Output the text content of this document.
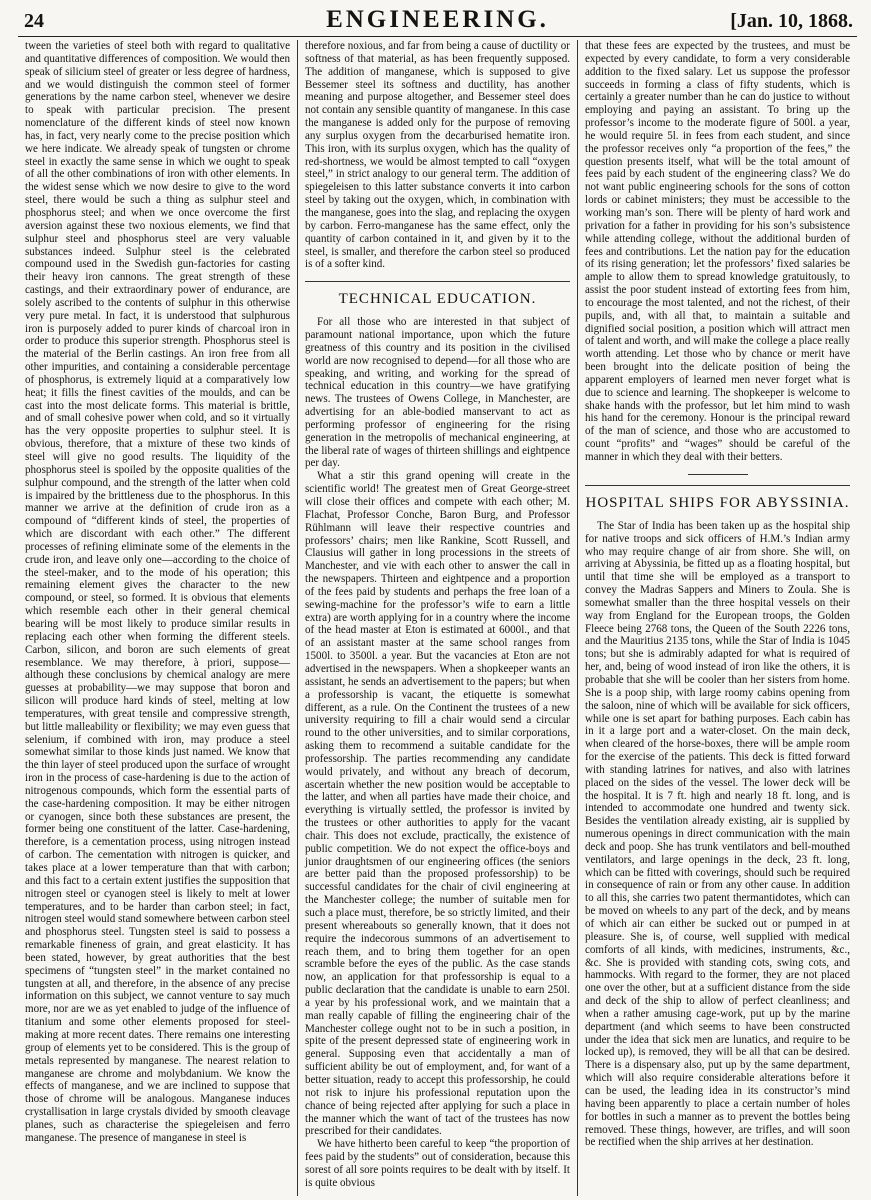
24	ENGINEERING.	[Jan. 10, 1868.

tween the varieties of steel both with regard to qualitative and quantitative differences of composition. We would then speak of silicium steel of greater or less degree of hardness, and we would distinguish the common steel of former generations by the name carbon steel, whenever we desire to speak with particular precision. The present nomenclature of the different kinds of steel now known has, in fact, very nearly come to the precise position which we here indicate. We already speak of tungsten or chrome steel in exactly the same sense in which we ought to speak of all the other combinations of iron with other elements. In the widest sense which we now desire to give to the word steel, there would be such a thing as sulphur steel and phosphorus steel; and when we once overcome the first aversion against these two noxious elements, we find that sulphur steel and phosphorus steel are very valuable substances indeed. Sulphur steel is the celebrated compound used in the Swedish gun-factories for casting their heavy iron cannons. The great strength of these castings, and their extraordinary power of endurance, are solely ascribed to the contents of sulphur in this otherwise very pure metal. In fact, it is understood that sulphurous iron is purposely added to purer kinds of charcoal iron in order to produce this superior strength. Phosphorus steel is the material of the Berlin castings. An iron free from all other impurities, and containing a considerable percentage of phosphorus, is extremely liquid at a comparatively low heat; it fills the finest cavities of the moulds, and can be cast into the most delicate forms. This material is brittle, and of small cohesive power when cold, and so it virtually has the very opposite properties to sulphur steel. It is obvious, therefore, that a mixture of these two kinds of steel will give no good results. The liquidity of the phosphorus steel is spoiled by the opposite qualities of the sulphur compound, and the strength of the latter when cold is impaired by the brittleness due to the phosphorus. In this manner we arrive at the definition of crude iron as a compound of “different kinds of steel, the properties of which are discordant with each other.” The different processes of refining eliminate some of the elements in the crude iron, and leave only one—according to the choice of the steel-maker, and to the mode of his operation; this remaining element gives the character to the new compound, or steel, so formed. It is obvious that elements which resemble each other in their general chemical bearing will be most likely to produce similar results in replacing each other when forming the different steels. Carbon, silicon, and boron are such elements of great resemblance. We may therefore, à priori, suppose—although these conclusions by chemical analogy are mere guesses at probability—we may suppose that boron and silicon will produce hard kinds of steel, melting at low temperatures, with great tensile and compressive strength, but little malleability or flexibility; we may even guess that selenium, if combined with iron, may produce a steel somewhat similar to those kinds just named. We know that the thin layer of steel produced upon the surface of wrought iron in the process of case-hardening is due to the action of nitrogenous compounds, which form the essential parts of the case-hardening composition. It may be either nitrogen or cyanogen, since both these substances are present, the former being one constituent of the latter. Case-hardening, therefore, is a cementation process, using nitrogen instead of carbon. The cementation with nitrogen is quicker, and takes place at a lower temperature than that with carbon; and this fact to a certain extent justifies the supposition that nitrogen steel or cyanogen steel is likely to melt at lower temperatures, and to be harder than carbon steel; in fact, nitrogen steel would stand somewhere between carbon steel and phosphorus steel. Tungsten steel is said to possess a remarkable fineness of grain, and great elasticity. It has been stated, however, by great authorities that the best specimens of “tungsten steel” in the market contained no tungsten at all, and therefore, in the absence of any precise information on this subject, we cannot venture to say much more, nor are we as yet enabled to judge of the influence of titanium and some other elements proposed for steel-making at more recent dates. There remains one interesting group of elements yet to be considered. This is the group of metals represented by manganese. The nearest relation to manganese are chrome and molybdanium. We know the effects of manganese, and we are inclined to suppose that those of chrome will be analogous. Manganese induces crystallisation in large crystals divided by smooth cleavage planes, such as characterise the spiegeleisen and ferro manganese. The presence of manganese in steel is

therefore noxious, and far from being a cause of ductility or softness of that material, as has been frequently supposed. The addition of manganese, which is supposed to give Bessemer steel its softness and ductility, has another meaning and purpose altogether, and Bessemer steel does not contain any sensible quantity of manganese. In this case the manganese is added only for the purpose of removing any surplus oxygen from the decarburised hematite iron. This iron, with its surplus oxygen, which has the quality of red-shortness, we would be almost tempted to call “oxygen steel,” in strict analogy to our general term. The addition of spiegeleisen to this latter substance converts it into carbon steel by taking out the oxygen, which, in combination with the manganese, goes into the slag, and replacing the oxygen by carbon. Ferro-manganese has the same effect, only the quantity of carbon contained in it, and given by it to the steel, is smaller, and therefore the carbon steel so produced is of a softer kind.

TECHNICAL EDUCATION.

For all those who are interested in that subject of paramount national importance, upon which the future greatness of this country and its position in the civilised world are now recognised to depend—for all those who are speaking, and writing, and working for the spread of technical education in this country—we have gratifying news. The trustees of Owens College, in Manchester, are advertising for an able-bodied manservant to act as performing professor of engineering for the rising generation in the metropolis of mechanical engineering, at the liberal rate of wages of thirteen shillings and eightpence per day.

What a stir this grand opening will create in the scientific world! The greatest men of Great George-street will close their offices and compete with each other; M. Flachat, Professor Conche, Baron Burg, and Professor Rühlmann will leave their respective countries and professors’ chairs; men like Rankine, Scott Russell, and Clausius will gather in long processions in the streets of Manchester, and vie with each other to answer the call in the newspapers. Thirteen and eightpence and a proportion of the fees paid by students and perhaps the free loan of a sewing-machine for the professor’s wife to earn a little extra) are worth applying for in a country where the income of the head master at Eton is estimated at 6000l., and that of an assistant master at the same school ranges from 1500l. to 3500l. a year. But the vacancies at Eton are not advertised in the newspapers. When a shopkeeper wants an assistant, he sends an advertisement to the papers; but when a professorship is vacant, the etiquette is somewhat different, as a rule. On the Continent the trustees of a new university requiring to fill a chair would send a circular round to the other universities, and to similar corporations, asking them to recommend a suitable candidate for the professorship. The parties recommending any candidate would privately, and without any breach of decorum, ascertain whether the new position would be acceptable to the latter, and when all parties have made their choice, and everything is virtually settled, the professor is invited by the trustees or other authorities to apply for the vacant chair. This does not exclude, practically, the existence of public competition. We do not expect the office-boys and junior draughtsmen of our engineering offices (the seniors are better paid than the proposed professorship) to be successful candidates for the chair of civil engineering at the Manchester college; the number of suitable men for such a place must, therefore, be so strictly limited, and their present whereabouts so generally known, that it does not require the indecorous summons of an advertisement to reach them, and to bring them together for an open scramble before the eyes of the public. As the case stands now, an application for that professorship is equal to a public declaration that the candidate is unable to earn 250l. a year by his professional work, and we maintain that a man really capable of filling the engineering chair of the Manchester college ought not to be in such a position, in spite of the present depressed state of engineering work in general. Supposing even that accidentally a man of sufficient ability be out of employment, and, for want of a better situation, ready to accept this professorship, he could not risk to injure his professional reputation upon the chance of being rejected after applying for such a place in the manner which the want of tact of the trustees has now prescribed for their candidates.

We have hitherto been careful to keep “the proportion of fees paid by the students” out of consideration, because this sorest of all sore points requires to be dealt with by itself. It is quite obvious

that these fees are expected by the trustees, and must be expected by every candidate, to form a very considerable addition to the fixed salary. Let us suppose the professor succeeds in forming a class of fifty students, which is certainly a greater number than he can do justice to without employing and paying an assistant. To bring up the professor’s income to the moderate figure of 500l. a year, he would require 5l. in fees from each student, and since the professor receives only “a proportion of the fees,” the question presents itself, what will be the total amount of fees paid by each student of the engineering class? We do not want public engineering schools for the sons of cotton lords or cabinet ministers; they must be accessible to the working man’s son. There will be plenty of hard work and privation for a father in providing for his son’s subsistence while attending college, without the additional burden of fees and contributions. Let the nation pay for the education of its rising generation; let the professors’ fixed salaries be ample to allow them to spread knowledge gratuitously, to assist the poor student instead of extorting fees from him, to encourage the most talented, and not the richest, of their pupils, and, with all that, to maintain a suitable and dignified social position, a position which will attract men of talent and worth, and will make the college a place really worth attending. Let those who by chance or merit have been brought into the delicate position of being the apparent employers of learned men never forget what is due to science and learning. The shopkeeper is welcome to shake hands with the professor, but let him mind to wash his hand for the ceremony. Honour is the principal reward of the man of science, and those who are accustomed to count “profits” and “wages” should be careful of the manner in which they deal with their betters.

HOSPITAL SHIPS FOR ABYSSINIA.

The Star of India has been taken up as the hospital ship for native troops and sick officers of H.M.’s Indian army who may require change of air from shore. She will, on arriving at Abyssinia, be fitted up as a floating hospital, but until that time she will be employed as a transport to convey the Madras Sappers and Miners to Zoula. She is somewhat smaller than the three hospital vessels on their way from England for the European troops, the Golden Fleece being 2768 tons, the Queen of the South 2226 tons, and the Mauritius 2135 tons, while the Star of India is 1045 tons; but she is admirably adapted for what is required of her, and, being of wood instead of iron like the others, it is probable that she will be cooler than her sisters from home. She is a poop ship, with large roomy cabins opening from the saloon, nine of which will be available for sick officers, while one is set apart for bathing purposes. Each cabin has in it a large port and a water-closet. On the main deck, when cleared of the horse-boxes, there will be ample room for the exercise of the patients. This deck is fitted forward with standing latrines for natives, and also with latrines placed on the sides of the vessel. The lower deck will be the hospital. It is 7 ft. high and nearly 18 ft. long, and is intended to accommodate one hundred and twenty sick. Besides the ventilation already existing, air is supplied by numerous openings in direct communication with the main deck and poop. She has trunk ventilators and bell-mouthed ventilators, and large openings in the deck, 23 ft. long, which can be fitted with coverings, should such be required in consequence of rain or from any other cause. In addition to all this, she carries two patent thermantidotes, which can be moved on wheels to any part of the deck, and by means of which air can either be sucked out or pumped in at pleasure. She is, of course, well supplied with medical comforts of all kinds, with medicines, instruments, &c., &c. She is provided with standing cots, swing cots, and hammocks. With regard to the former, they are not placed one over the other, but at a sufficient distance from the side and deck of the ship to allow of perfect cleanliness; and when a rather amusing cage-work, put up by the marine department (and which seems to have been constructed under the idea that sick men are lunatics, and require to be locked up), is removed, they will be all that can be desired. There is a dispensary also, put up by the same department, which will also require considerable alterations before it can be used, the leading idea in its constructor’s mind having been apparently to place a certain number of holes for bottles in such a manner as to prevent the bottles being removed. These things, however, are trifles, and will soon be rectified when the ship arrives at her destination.
